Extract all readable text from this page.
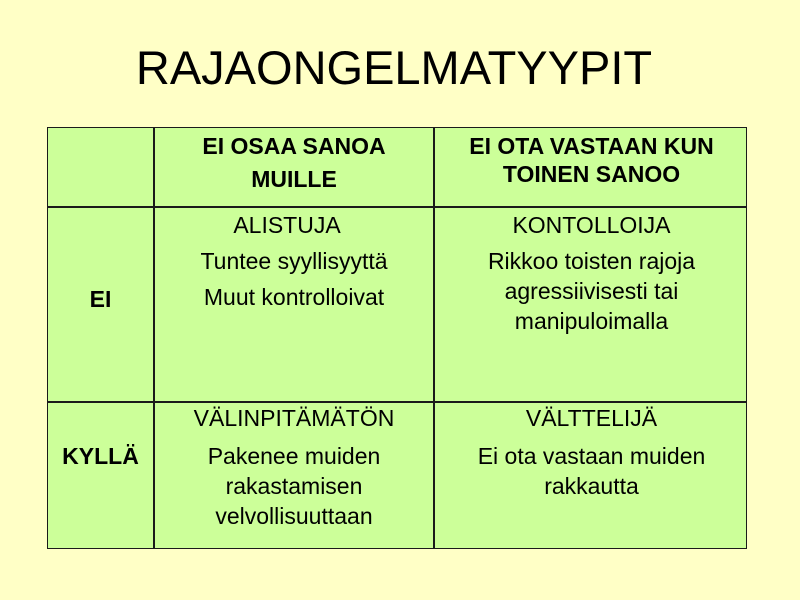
RAJAONGELMATYYPIT

EI OSAA SANOA

MUILLE

EI OTA VASTAAN KUN

TOINEN SANOO

EI

ALISTUJA

Tuntee syyllisyyttä

Muut kontrolloivat

KONTOLLOIJA

Rikkoo toisten rajoja

agressiivisesti tai

manipuloimalla

KYLLÄ

VÄLINPITÄMÄTÖN

Pakenee muiden

rakastamisen

velvollisuuttaan

VÄLTTELIJÄ

Ei ota vastaan muiden

rakkautta
